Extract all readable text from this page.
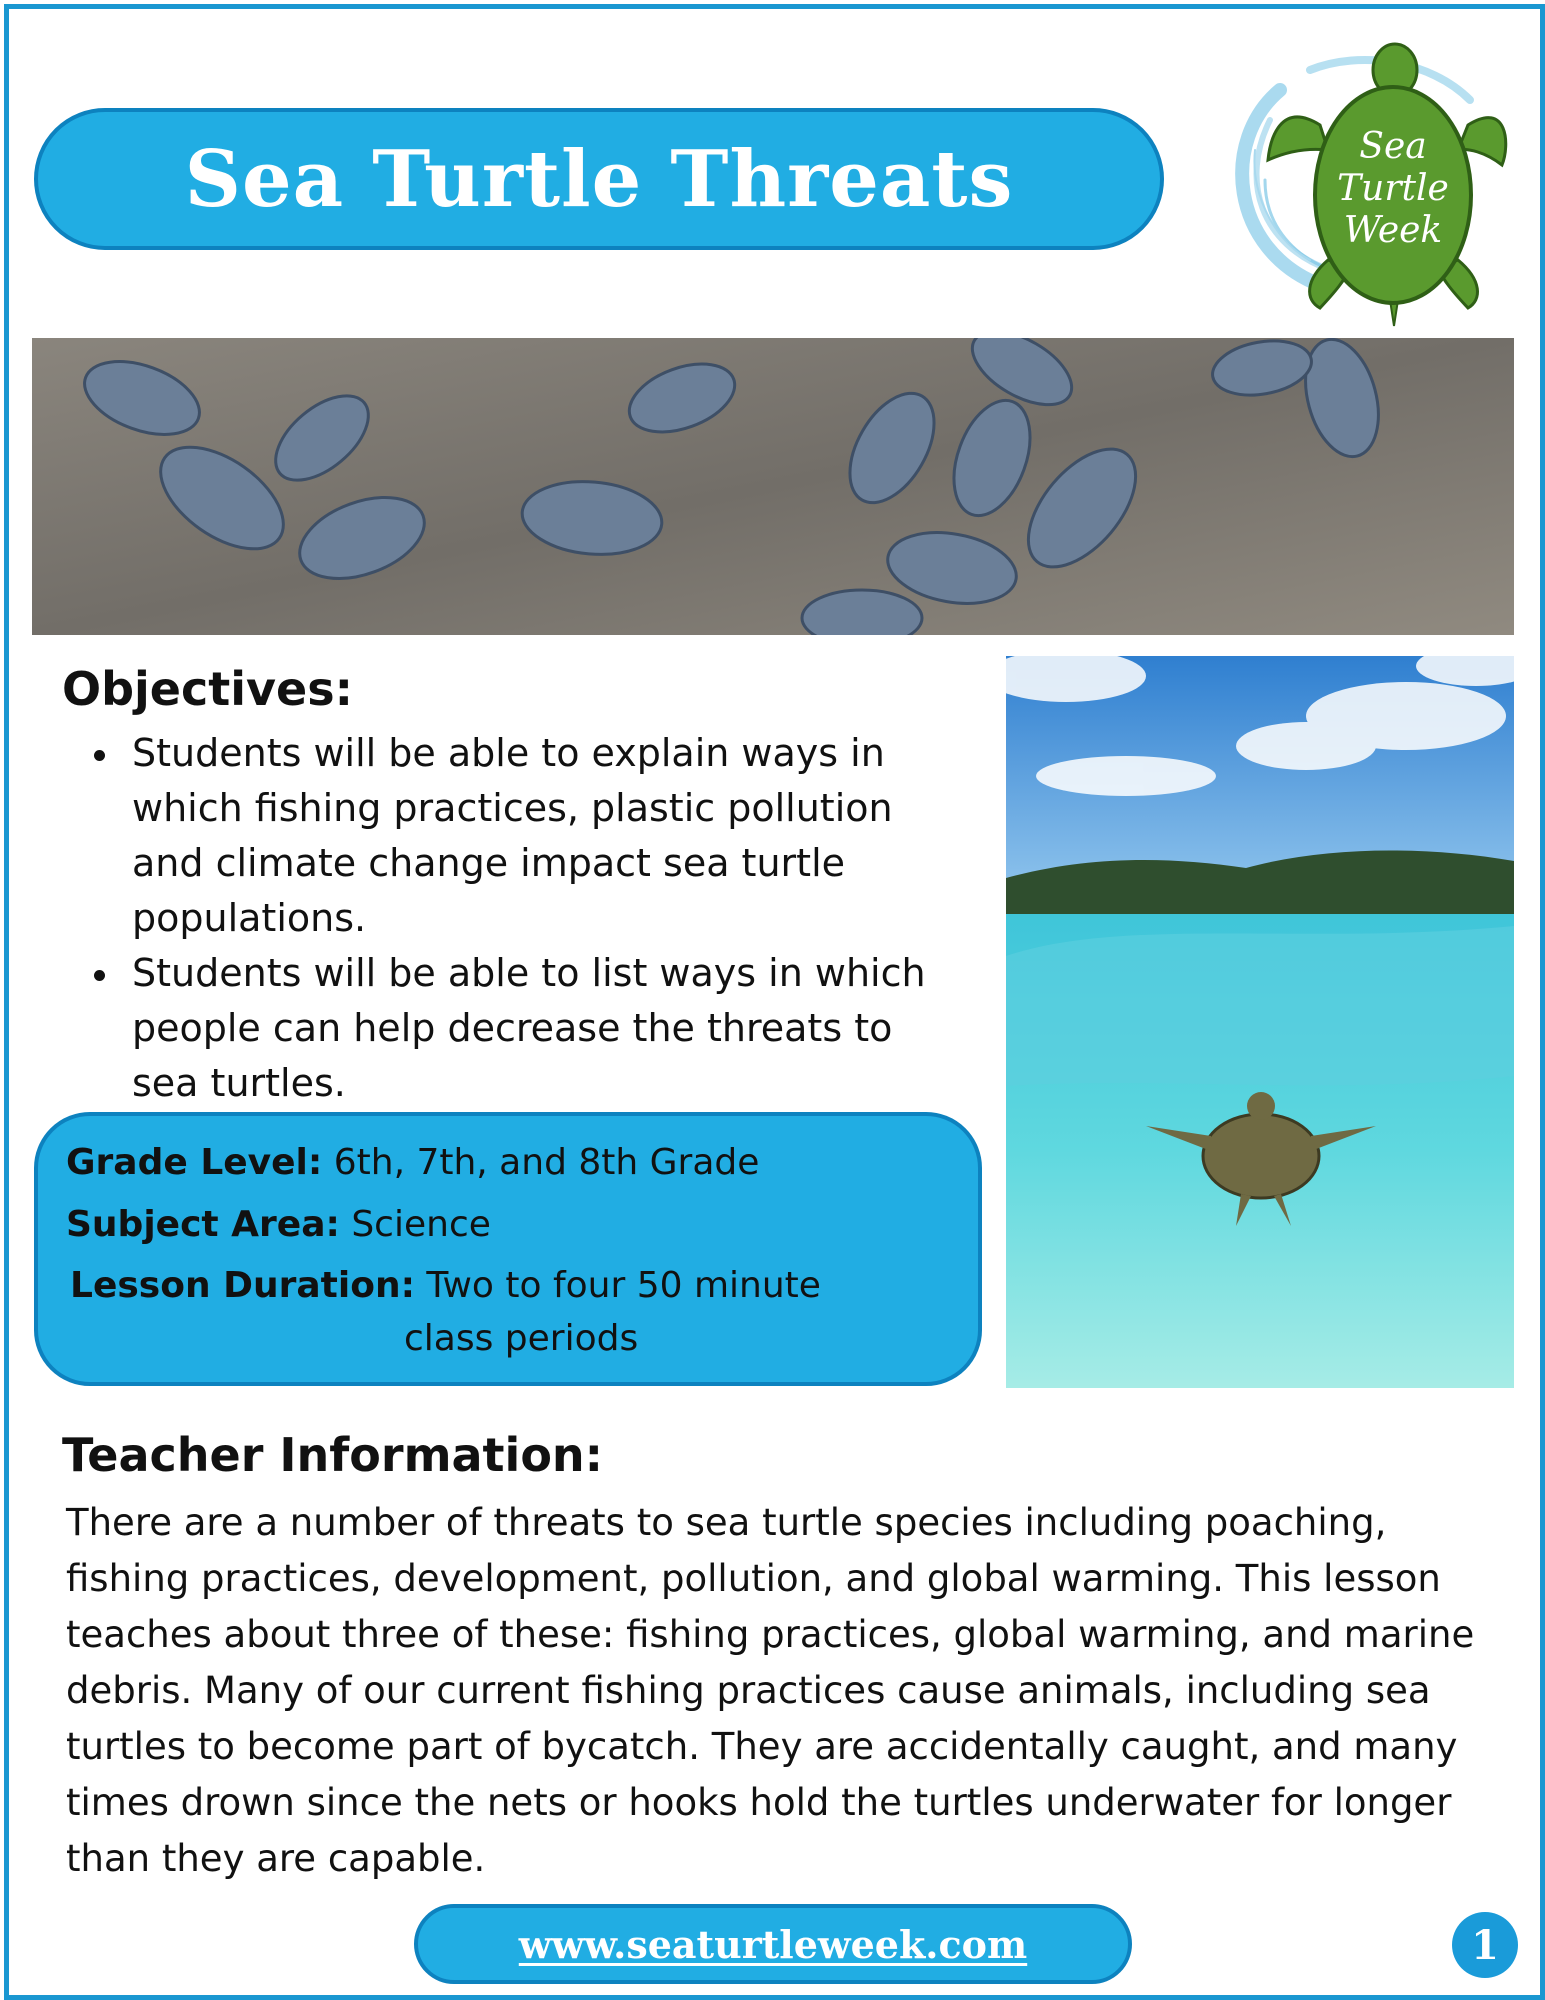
Sea Turtle Threats	Sea
Turtle
Week
Objectives:
Students will be able to explain ways in which fishing practices, plastic pollution and climate change impact sea turtle populations.
Students will be able to list ways in which people can help decrease the threats to sea turtles.
Grade Level: 6th, 7th, and 8th Grade
Subject Area: Science
Lesson Duration: Two to four 50 minute
class periods
Teacher Information:

There are a number of threats to sea turtle species including poaching, fishing practices, development, pollution, and global warming. This lesson teaches about three of these: fishing practices, global warming, and marine debris. Many of our current fishing practices cause animals, including sea turtles to become part of bycatch. They are accidentally caught, and many times drown since the nets or hooks hold the turtles underwater for longer than they are capable.

www.seaturtleweek.com	1
